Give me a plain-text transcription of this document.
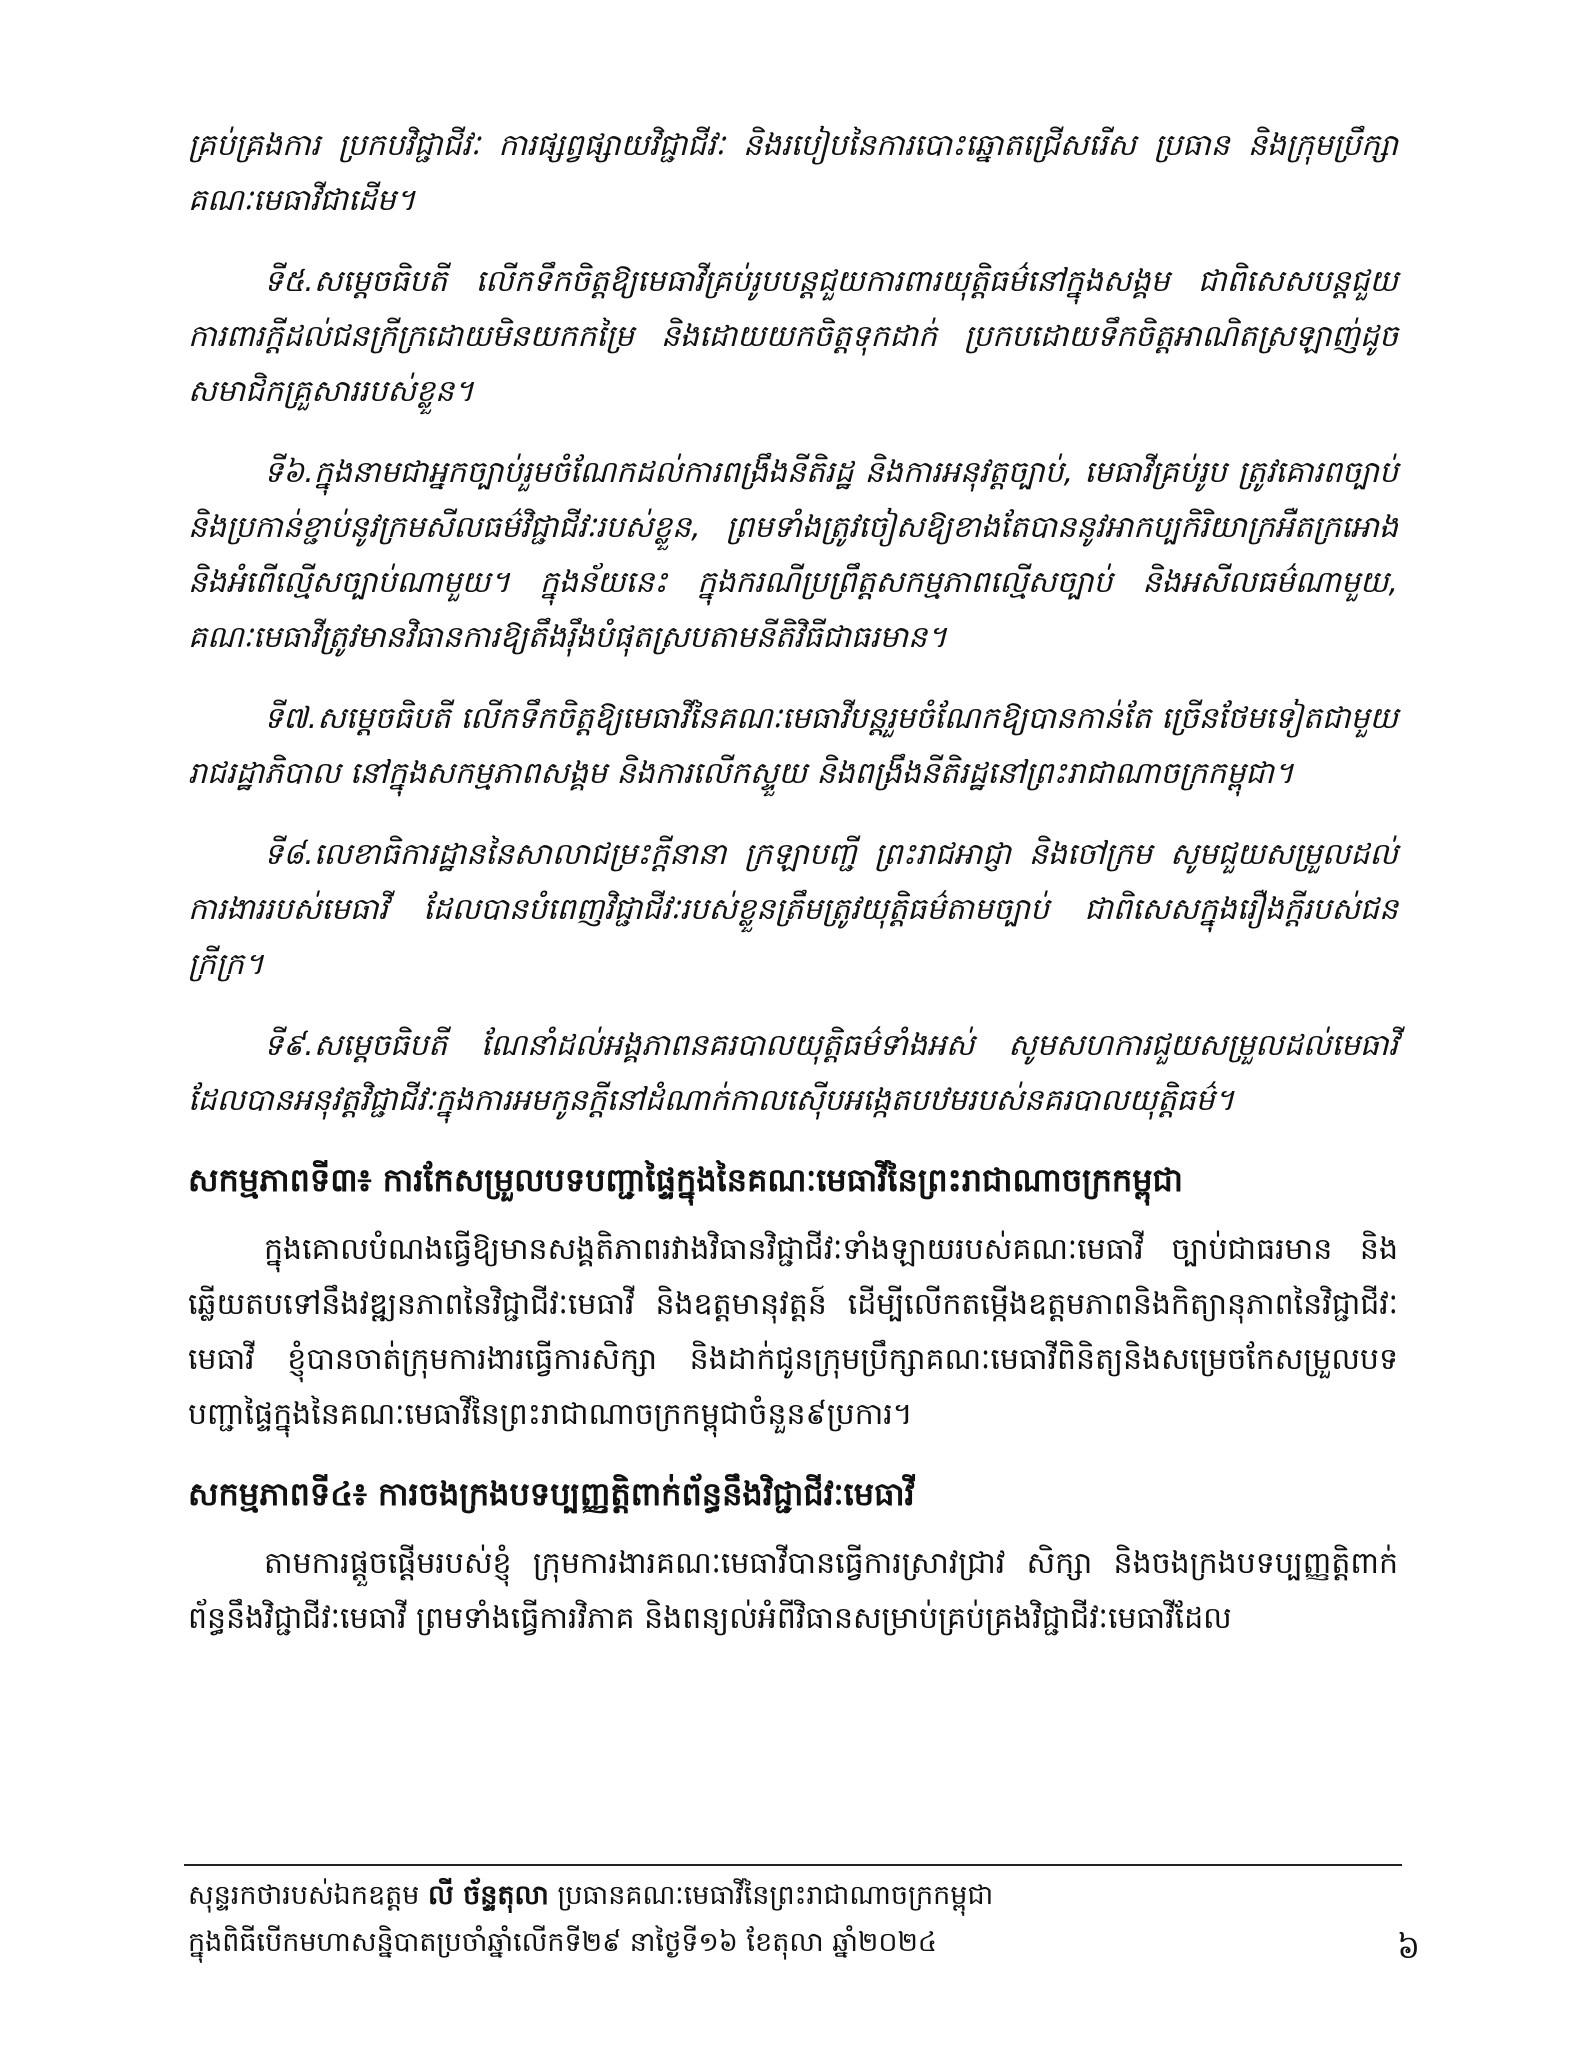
គ្រប់គ្រងការ ប្រកបវិជ្ជាជីវៈ ការផ្សព្វផ្សាយវិជ្ជាជីវៈ និងរបៀបនៃការបោះឆ្នោតជ្រើសរើស ប្រធាន និងក្រុមប្រឹក្សាគណៈមេធាវីជាដើម។

ទី៥.សម្តេចធិបតី លើកទឹកចិត្តឱ្យមេធាវីគ្រប់រូបបន្តជួយការពារយុត្តិធម៌នៅក្នុងសង្គម ជាពិសេសបន្តជួយការពារក្តីដល់ជនក្រីក្រដោយមិនយកកម្រៃ និងដោយយកចិត្តទុកដាក់ ប្រកបដោយទឹកចិត្តអាណិតស្រឡាញ់ដូចសមាជិកគ្រួសាររបស់ខ្លួន។

ទី៦.ក្នុងនាមជាអ្នកច្បាប់រួមចំណែកដល់ការពង្រឹងនីតិរដ្ឋ និងការអនុវត្តច្បាប់, មេធាវីគ្រប់រូប ត្រូវគោរពច្បាប់ និងប្រកាន់ខ្ជាប់នូវក្រមសីលធម៌វិជ្ជាជីវៈរបស់ខ្លួន, ព្រមទាំងត្រូវចៀសឱ្យខាងតែបាននូវអាកប្បកិរិយាក្រអឺតក្រអោង និងអំពើល្មើសច្បាប់ណាមួយ។ ក្នុងន័យនេះ ក្នុងករណីប្រព្រឹត្តសកម្មភាពល្មើសច្បាប់ និងអសីលធម៌ណាមួយ, គណៈមេធាវីត្រូវមានវិធានការឱ្យតឹងរ៉ឹងបំផុតស្របតាមនីតិវិធីជាធរមាន។

ទី៧.សម្តេចធិបតី លើកទឹកចិត្តឱ្យមេធាវីនៃគណៈមេធាវីបន្តរួមចំណែកឱ្យបានកាន់តែ ច្រើនថែមទៀតជាមួយរាជរដ្ឋាភិបាល នៅក្នុងសកម្មភាពសង្គម និងការលើកស្ទួយ និងពង្រឹងនីតិរដ្ឋនៅព្រះរាជាណាចក្រកម្ពុជា។

ទី៨.លេខាធិការដ្ឋាននៃសាលាជម្រះក្តីនានា ក្រឡាបញ្ជី ព្រះរាជអាជ្ញា និងចៅក្រម សូមជួយសម្រួលដល់ការងាររបស់មេធាវី ដែលបានបំពេញវិជ្ជាជីវៈរបស់ខ្លួនត្រឹមត្រូវយុត្តិធម៌តាមច្បាប់ ជាពិសេសក្នុងរឿងក្តីរបស់ជនក្រីក្រ។

ទី៩.សម្តេចធិបតី ណែនាំដល់អង្គភាពនគរបាលយុត្តិធម៌ទាំងអស់ សូមសហការជួយសម្រួលដល់មេធាវី ដែលបានអនុវត្តវិជ្ជាជីវៈក្នុងការអមកូនក្តីនៅដំណាក់កាលស៊ើបអង្កេតបឋមរបស់នគរបាលយុត្តិធម៌។

សកម្មភាពទី៣៖ ការកែសម្រួលបទបញ្ជាផ្ទៃក្នុងនៃគណៈមេធាវីនៃព្រះរាជាណាចក្រកម្ពុជា

ក្នុងគោលបំណងធ្វើឱ្យមានសង្គតិភាពរវាងវិធានវិជ្ជាជីវៈទាំងឡាយរបស់គណៈមេធាវី ច្បាប់ជាធរមាន និងឆ្លើយតបទៅនឹងវឌ្ឍនភាពនៃវិជ្ជាជីវៈមេធាវី និងឧត្តមានុវត្តន៍ ដើម្បីលើកតម្កើងឧត្តមភាពនិងកិត្យានុភាពនៃវិជ្ជាជីវៈមេធាវី ខ្ញុំបានចាត់ក្រុមការងារធ្វើការសិក្សា និងដាក់ជូនក្រុមប្រឹក្សាគណៈមេធាវីពិនិត្យនិងសម្រេចកែសម្រួលបទបញ្ជាផ្ទៃក្នុងនៃគណៈមេធាវីនៃព្រះរាជាណាចក្រកម្ពុជាចំនួន៩ប្រការ។

សកម្មភាពទី៤៖ ការចងក្រងបទប្បញ្ញត្តិពាក់ព័ន្ធនឹងវិជ្ជាជីវៈមេធាវី

តាមការផ្តួចផ្តើមរបស់ខ្ញុំ ក្រុមការងារគណៈមេធាវីបានធ្វើការស្រាវជ្រាវ សិក្សា និងចងក្រងបទប្បញ្ញត្តិពាក់ព័ន្ធនឹងវិជ្ជាជីវៈមេធាវី ព្រមទាំងធ្វើការវិភាគ និងពន្យល់អំពីវិធានសម្រាប់គ្រប់គ្រងវិជ្ជាជីវៈមេធាវីដែល

សុន្ទរកថារបស់ឯកឧត្តម លី ច័ន្ទតុលា ប្រធានគណៈមេធាវីនៃព្រះរាជាណាចក្រកម្ពុជា
ក្នុងពិធីបើកមហាសន្និបាតប្រចាំឆ្នាំលើកទី២៩ នាថ្ងៃទី១៦ ខែតុលា ឆ្នាំ២០២៤	៦
